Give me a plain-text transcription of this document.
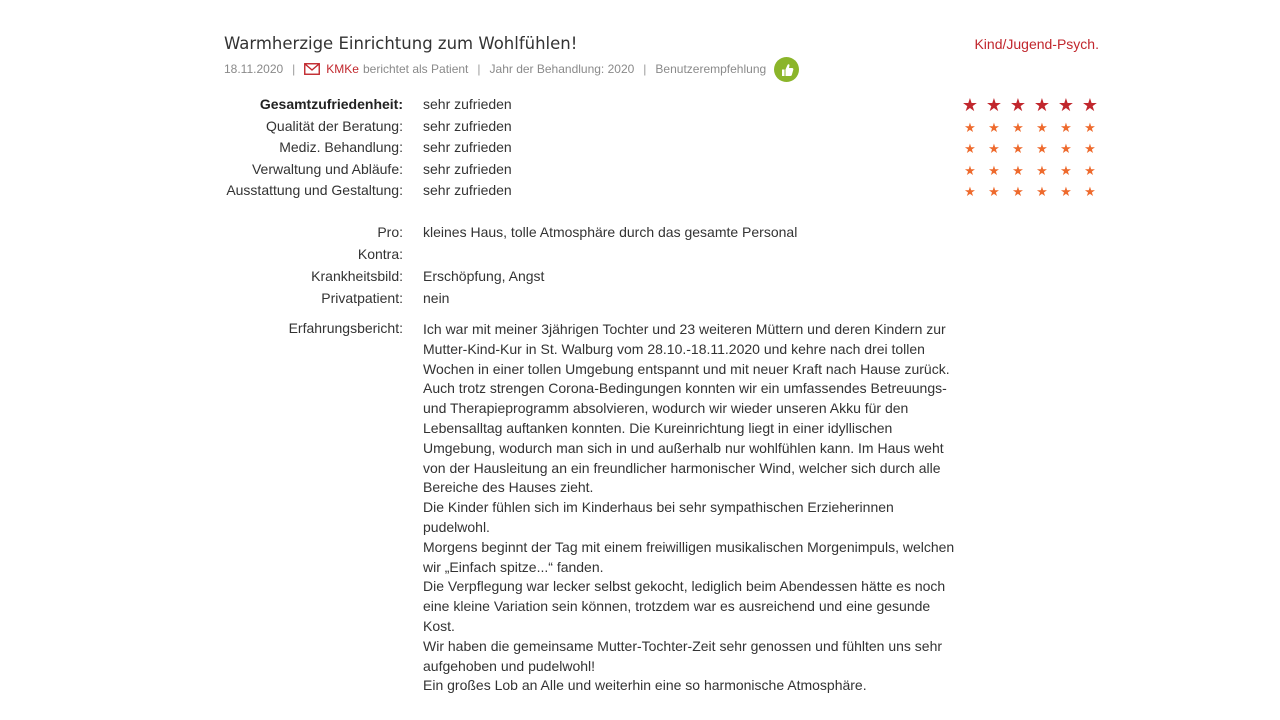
Warmherzige Einrichtung zum Wohlfühlen!	Kind/Jugend-Psych.
18.11.2020 |	KMKe berichtet als Patient | Jahr der Behandlung: 2020 | Benutzerempfehlung
Gesamtzufriedenheit: sehr zufrieden	★ ★ ★ ★ ★ ★
Qualität der Beratung: sehr zufrieden	★ ★ ★ ★ ★ ★
Mediz. Behandlung: sehr zufrieden	★ ★ ★ ★ ★ ★
Verwaltung und Abläufe: sehr zufrieden	★ ★ ★ ★ ★ ★
Ausstattung und Gestaltung: sehr zufrieden	★ ★ ★ ★ ★ ★
Pro: kleines Haus, tolle Atmosphäre durch das gesamte Personal
Kontra:
Krankheitsbild: Erschöpfung, Angst
Privatpatient: nein
Erfahrungsbericht: Ich war mit meiner 3jährigen Tochter und 23 weiteren Müttern und deren Kindern zur

Mutter-Kind-Kur in St. Walburg vom 28.10.-18.11.2020 und kehre nach drei tollen

Wochen in einer tollen Umgebung entspannt und mit neuer Kraft nach Hause zurück.

Auch trotz strengen Corona-Bedingungen konnten wir ein umfassendes Betreuungs-

und Therapieprogramm absolvieren, wodurch wir wieder unseren Akku für den

Lebensalltag auftanken konnten. Die Kureinrichtung liegt in einer idyllischen

Umgebung, wodurch man sich in und außerhalb nur wohlfühlen kann. Im Haus weht

von der Hausleitung an ein freundlicher harmonischer Wind, welcher sich durch alle

Bereiche des Hauses zieht.

Die Kinder fühlen sich im Kinderhaus bei sehr sympathischen Erzieherinnen

pudelwohl.

Morgens beginnt der Tag mit einem freiwilligen musikalischen Morgenimpuls, welchen

wir „Einfach spitze...“ fanden.

Die Verpflegung war lecker selbst gekocht, lediglich beim Abendessen hätte es noch

eine kleine Variation sein können, trotzdem war es ausreichend und eine gesunde

Kost.

Wir haben die gemeinsame Mutter-Tochter-Zeit sehr genossen und fühlten uns sehr

aufgehoben und pudelwohl!

Ein großes Lob an Alle und weiterhin eine so harmonische Atmosphäre.
